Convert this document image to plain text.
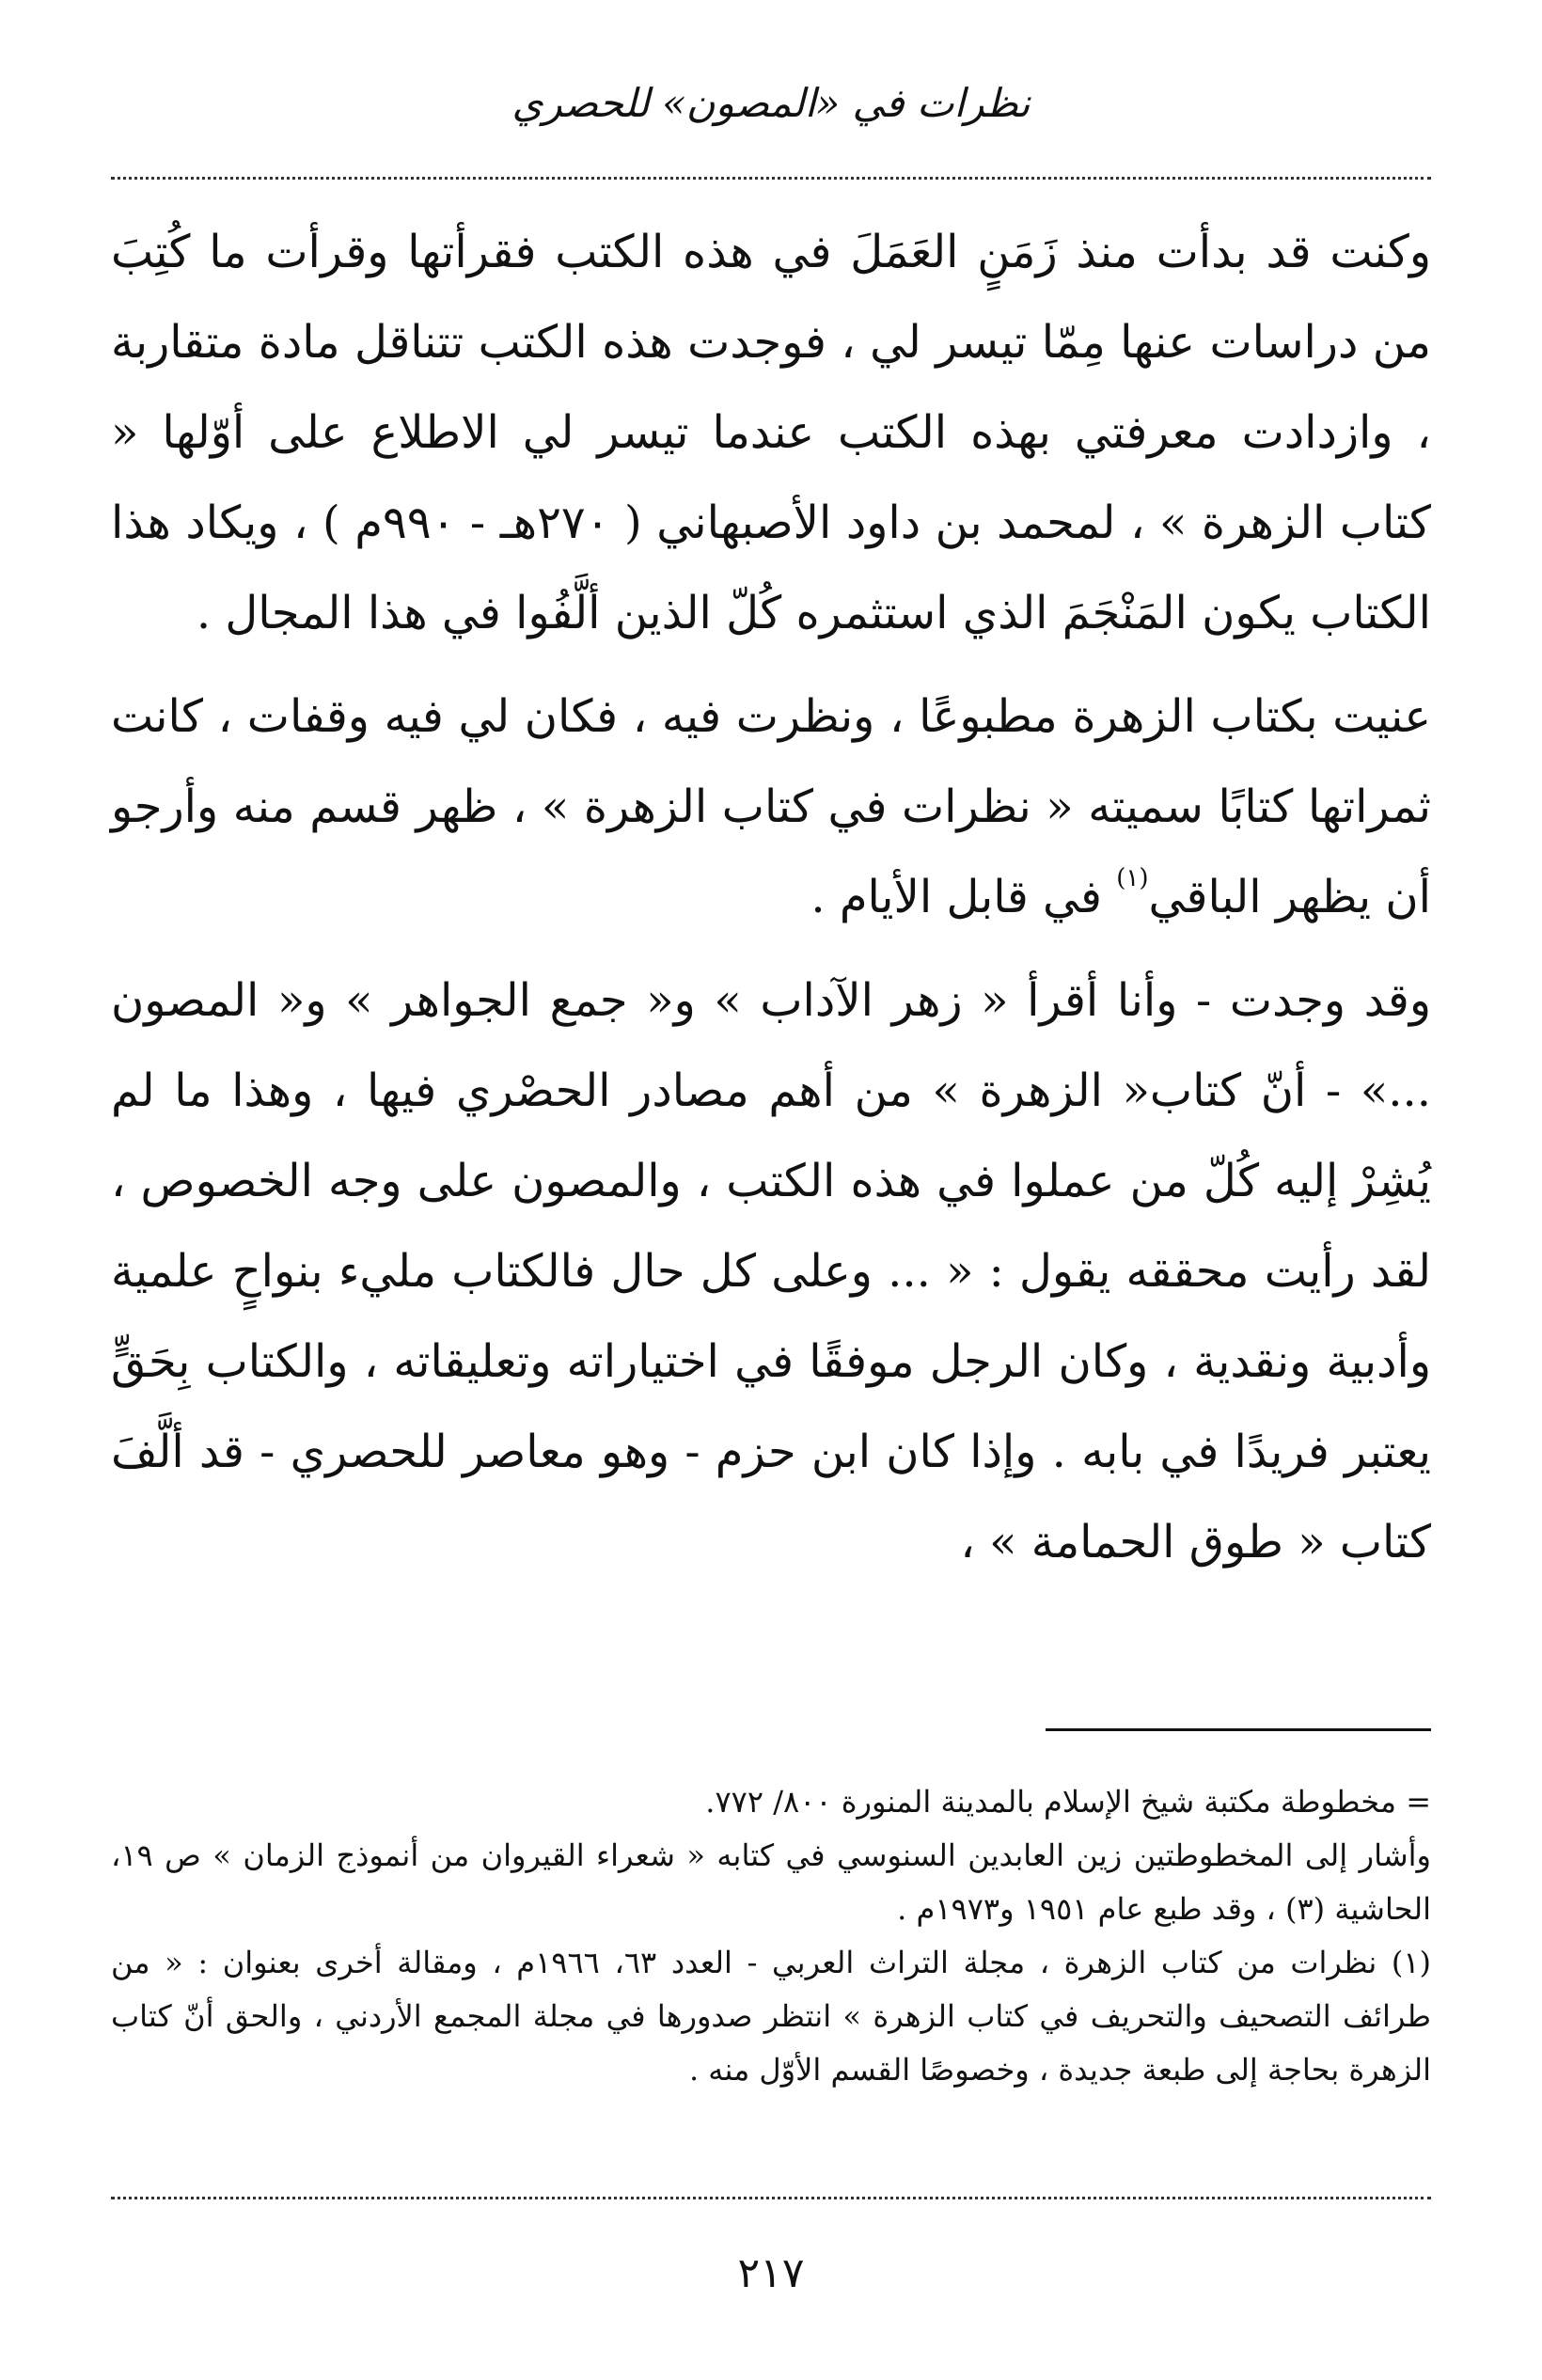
نظرات في «المصون» للحصري

وكنت قد بدأت منذ زَمَنٍ العَمَلَ في هذه الكتب فقرأتها وقرأت ما كُتِبَ من دراسات عنها مِمّا تيسر لي ، فوجدت هذه الكتب تتناقل مادة متقاربة ، وازدادت معرفتي بهذه الكتب عندما تيسر لي الاطلاع على أوّلها « كتاب الزهرة » ، لمحمد بن داود الأصبهاني ( ٢٧٠هـ - ٩٩٠م ) ، ويكاد هذا الكتاب يكون المَنْجَمَ الذي استثمره كُلّ الذين ألَّفُوا في هذا المجال .

عنيت بكتاب الزهرة مطبوعًا ، ونظرت فيه ، فكان لي فيه وقفات ، كانت ثمراتها كتابًا سميته « نظرات في كتاب الزهرة » ، ظهر قسم منه وأرجو أن يظهر الباقي$^{(١)}$ في قابل الأيام .

وقد وجدت - وأنا أقرأ « زهر الآداب » و« جمع الجواهر » و« المصون ...» - أنّ كتاب« الزهرة » من أهم مصادر الحصْري فيها ، وهذا ما لم يُشِرْ إليه كُلّ من عملوا في هذه الكتب ، والمصون على وجه الخصوص ، لقد رأيت محققه يقول : « ... وعلى كل حال فالكتاب مليء بنواحٍ علمية وأدبية ونقدية ، وكان الرجل موفقًا في اختياراته وتعليقاته ، والكتاب بِحَقٍّ يعتبر فريدًا في بابه . وإذا كان ابن حزم - وهو معاصر للحصري - قد ألَّفَ كتاب « طوق الحمامة » ،

= مخطوطة مكتبة شيخ الإسلام بالمدينة المنورة ٨٠٠/ ٧٧٢.

وأشار إلى المخطوطتين زين العابدين السنوسي في كتابه « شعراء القيروان من أنموذج الزمان » ص ١٩، الحاشية (٣) ، وقد طبع عام ١٩٥١ و١٩٧٣م .

(١) نظرات من كتاب الزهرة ، مجلة التراث العربي - العدد ٦٣، ١٩٦٦م ، ومقالة أخرى بعنوان : « من طرائف التصحيف والتحريف في كتاب الزهرة » انتظر صدورها في مجلة المجمع الأردني ، والحق أنّ كتاب الزهرة بحاجة إلى طبعة جديدة ، وخصوصًا القسم الأوّل منه .

٢١٧
